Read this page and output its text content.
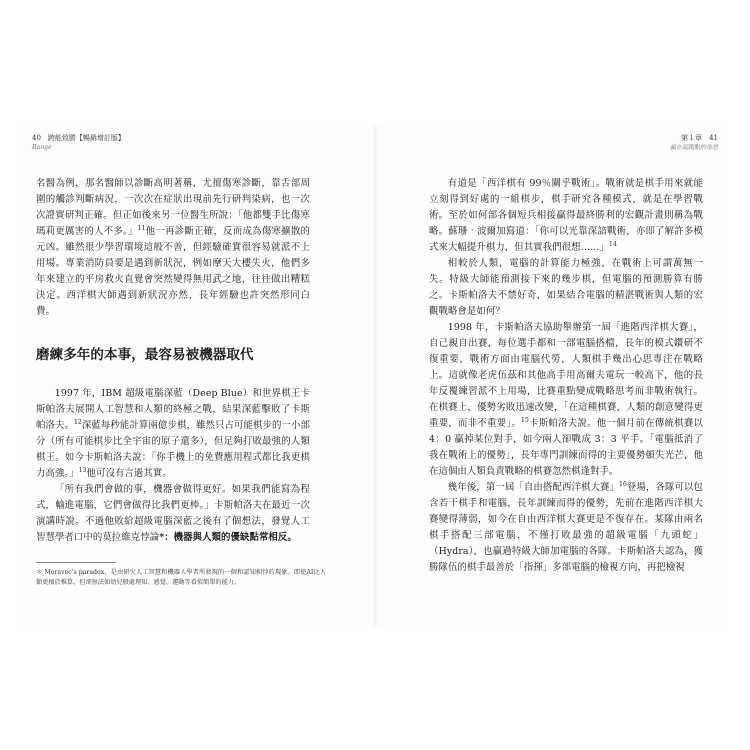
40　跨能致勝【暢銷增訂版】
Range
第１章　41
贏在起跑點的迷思

名醫為例，那名醫師以診斷高明著稱，尤擅傷寒診斷，靠舌部周圍的觸診判斷病況，一次次在症狀出現前先行研判染病，也一次次證實研判正確。但正如後來另一位醫生所說：「他都雙手比傷寒瑪莉更厲害的人不多。」$^{11}$他一再診斷正確，反而成為傷寒擴散的元凶。雖然很少學習環境這般不善，但經驗確實很容易就派不上用場。專業消防員要是遇到新狀況，例如摩天大樓失火，他們多年來建立的平房救火直覺會突然變得無用武之地，往往做出糟糕決定。西洋棋大師遇到新狀況亦然，長年經驗也許突然形同白費。

磨練多年的本事，最容易被機器取代

1997 年，IBM 超級電腦深藍（Deep Blue）和世界棋王卡斯帕洛夫展開人工智慧和人類的終極之戰，結果深藍擊敗了卡斯帕洛夫。$^{12}$深藍每秒能計算兩億步棋，雖然只占可能棋步的一小部分（所有可能棋步比全宇宙的原子還多），但足夠打敗最強的人類棋王。如今卡斯帕洛夫說：「你手機上的免費應用程式都比我更棋力高強。」$^{13}$他可沒有言過其實。

「所有我們會做的事，機器會做得更好。如果我們能寫為程式，輸進電腦，它們會做得比我們更棒。」卡斯帕洛夫在最近一次演講時說。不過他敗給超級電腦深藍之後有了個想法，發覺人工智慧學者口中的莫拉維克悖論*：機器與人類的優缺點常相反。

＊ Moravec's paradox，是由研究人工智慧和機器人學者所發現的一個和認知相悖的現象。即使AI比人類更擅於推算，但卻無法如幼兒般處理知、感覺、運動等看似簡單的能力。

有道是「西洋棋有 99％關乎戰術」。戰術就是棋手用來就能立刻得到好處的一組棋步，棋手研究各種模式，就是在學習戰術。至於如何部各個短兵相接贏得最終勝利的宏觀計畫則稱為戰略。蘇珊‧波爾加寫道：「你可以光靠深諳戰術，亦即了解許多模式來大幅提升棋力，但其實我們很想……」$^{14}$

相較於人類，電腦的計算能力極強，在戰術上可謂萬無一失。特級大師能預測接下來的幾步棋，但電腦的預測勝算有勝之。卡斯帕洛夫不禁好奇，如果結合電腦的精湛戰術與人類的宏觀戰略會是如何？

1998 年，卡斯帕洛夫協助舉辦第一屆「進階西洋棋大賽」，自己親自出賽，每位選手都和一部電腦搭檔，長年的模式鑽研不復重要，戰術方面由電腦代勞，人類棋手幾出心思專注在戰略上。這就像老虎伍茲和其他高手用高爾夫電玩一較高下，他的長年反覆練習派不上用場，比賽重點變成戰略思考而非戰術執行。在棋賽上，優勢劣敗迅速改變，「在這種棋賽，人類的創意變得更重要，而非不重要」。$^{15}$卡斯帕洛夫說。他一個月前在傳統棋賽以 4：0 贏掉某位對手，如今兩人卻戰成 3：3 平手。「電腦抵消了我在戰術上的優勢」，長年專門訓練而得的主要優勢頓失光芒，他在這個由人類負責戰略的棋賽忽然棋逢對手。

幾年後，第一屆「自由搭配西洋棋大賽」$^{16}$登場，各隊可以包含若干棋手和電腦，長年訓練而得的優勢，先前在進階西洋棋大賽變得薄弱，如今在自由西洋棋大賽更是不復存在。某隊由兩名棋手搭配三部電腦，不僅打敗最強的超級電腦「九頭蛇」（Hydra），也贏過特級大師加電腦的各隊。卡斯帕洛夫認為，獲勝隊伍的棋手最善於「指揮」多部電腦的檢視方向，再把檢視
